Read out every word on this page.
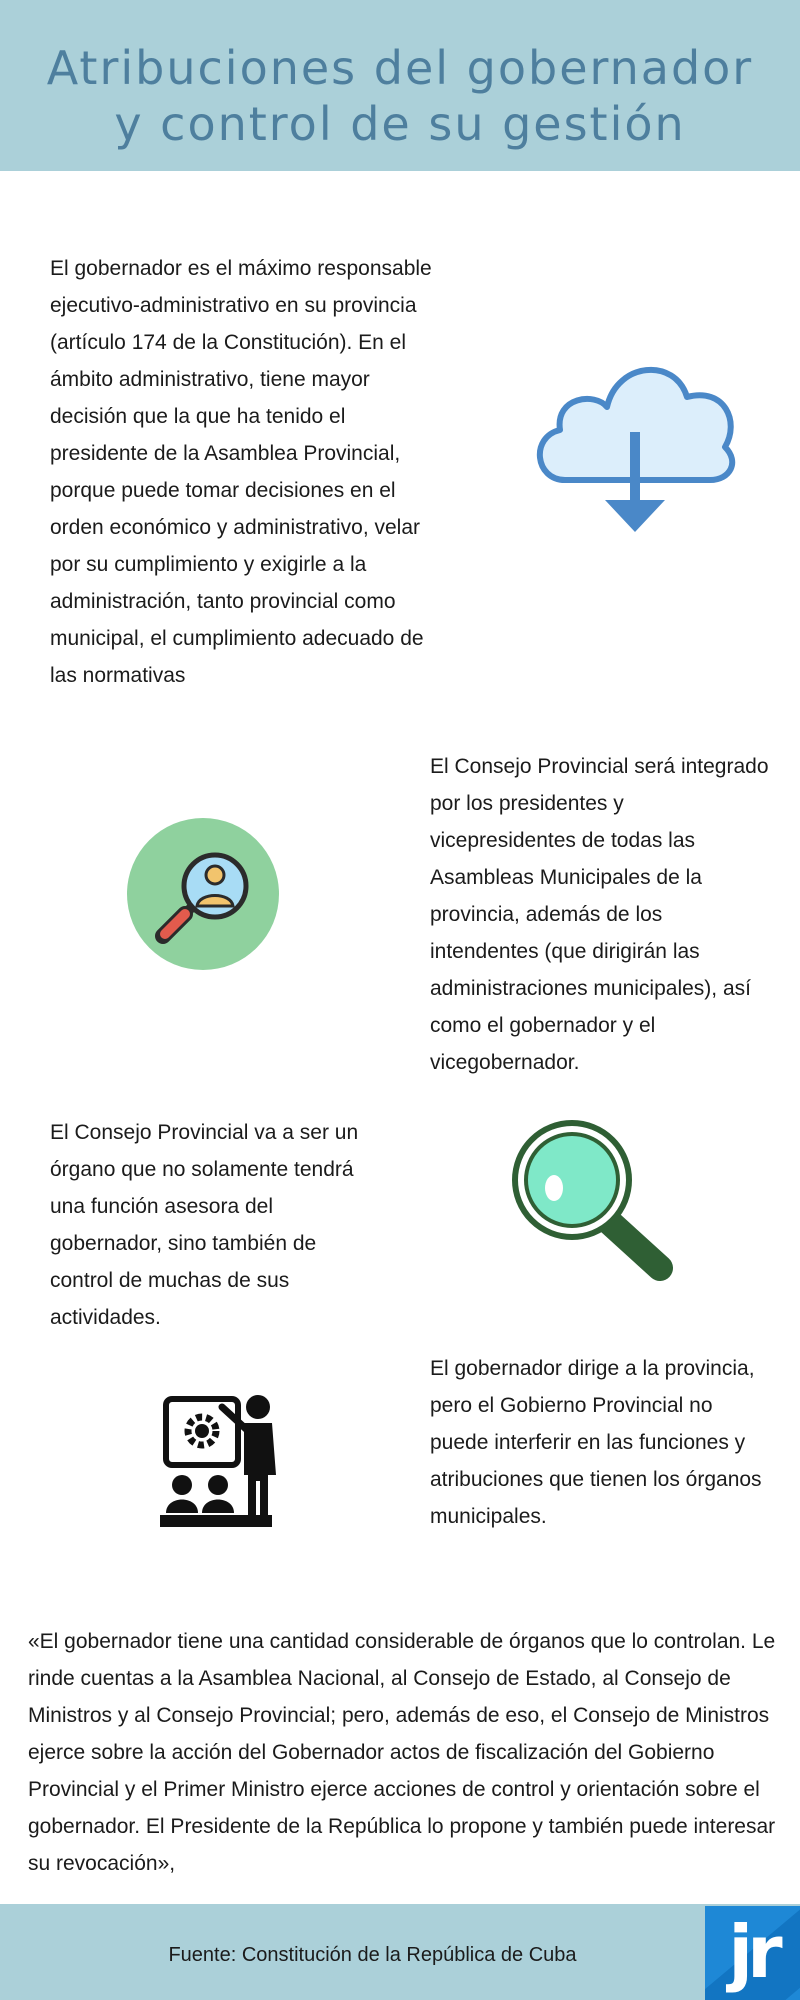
Atribuciones del gobernador
y control de su gestión

El gobernador es el máximo responsable ejecutivo-administrativo en su provincia (artículo 174 de la Constitución). En el ámbito administrativo, tiene mayor decisión que la que ha tenido el presidente de la Asamblea Provincial, porque puede tomar decisiones en el orden económico y administrativo, velar por su cumplimiento y exigirle a la administración, tanto provincial como municipal, el cumplimiento adecuado de las normativas

El Consejo Provincial será integrado por los presidentes y vicepresidentes de todas las Asambleas Municipales de la provincia, además de los intendentes (que dirigirán las administraciones municipales), así como el gobernador y el vicegobernador.

El Consejo Provincial va a ser un órgano que no solamente tendrá una función asesora del gobernador, sino también de control de muchas de sus actividades.

El gobernador dirige a la provincia, pero el Gobierno Provincial no puede interferir en las funciones y atribuciones que tienen los órganos municipales.

«El gobernador tiene una cantidad considerable de órganos que lo controlan. Le rinde cuentas a la Asamblea Nacional, al Consejo de Estado, al Consejo de Ministros y al Consejo Provincial; pero, además de eso, el Consejo de Ministros ejerce sobre la acción del Gobernador actos de fiscalización del Gobierno Provincial y el Primer Ministro ejerce acciones de control y orientación sobre el gobernador. El Presidente de la República lo propone y también puede interesar su revocación»,

Fuente: Constitución de la República de Cuba	jr
